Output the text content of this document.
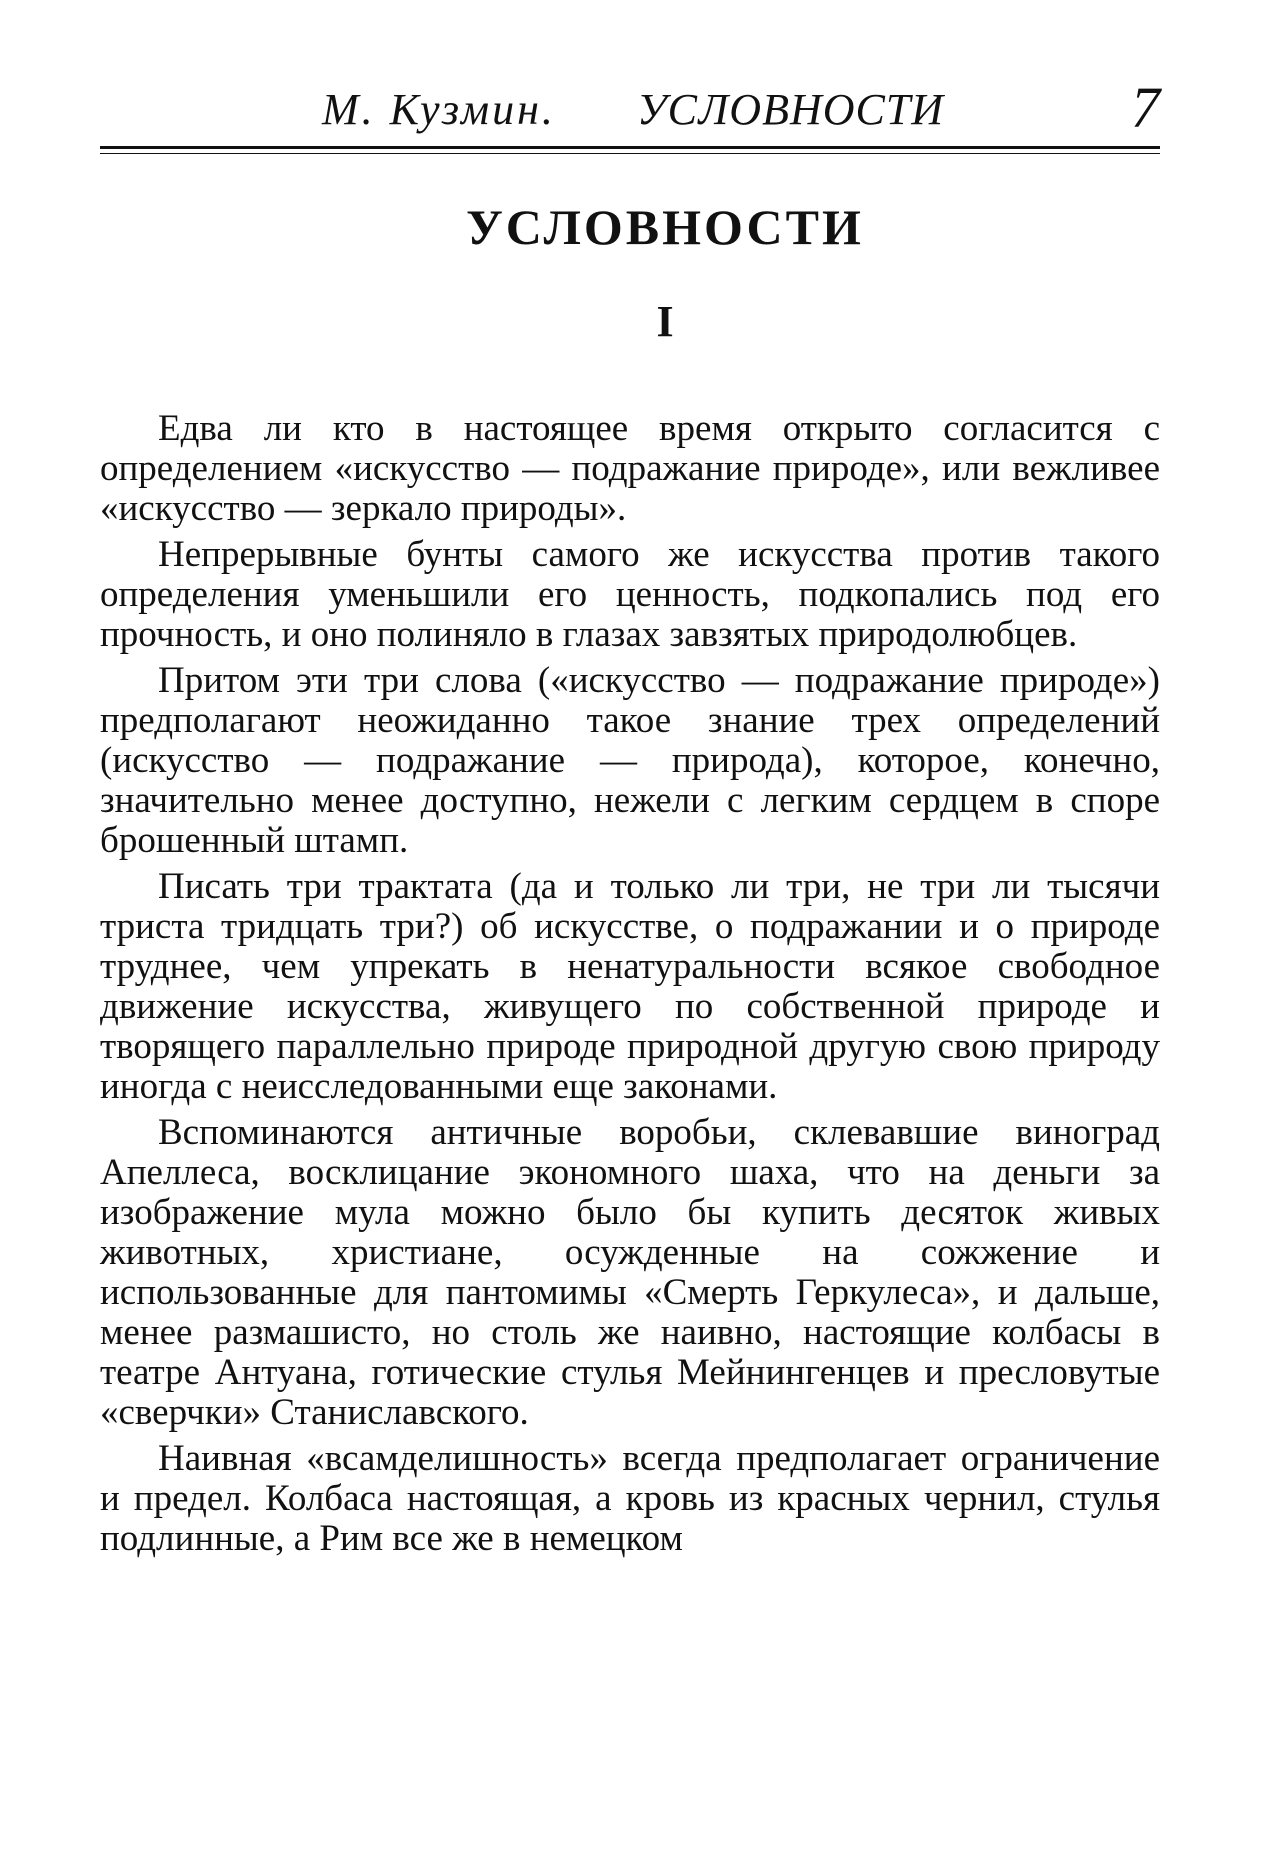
М. Кузмин. УСЛОВНОСТИ	7
УСЛОВНОСТИ
I

Едва ли кто в настоящее время открыто согласится с определением «искусство — подражание природе», или вежливее «искусство — зеркало природы».

Непрерывные бунты самого же искусства против такого определения уменьшили его ценность, подкопались под его прочность, и оно полиняло в глазах завзятых природолюбцев.

Притом эти три слова («искусство — подражание природе») предполагают неожиданно такое знание трех определений (искусство — подражание — природа), которое, конечно, значительно менее доступно, нежели с легким сердцем в споре брошенный штамп.

Писать три трактата (да и только ли три, не три ли тысячи триста тридцать три?) об искусстве, о подражании и о природе труднее, чем упрекать в ненатуральности всякое свободное движение искусства, живущего по собственной природе и творящего параллельно природе природной другую свою природу иногда с неисследованными еще законами.

Вспоминаются античные воробьи, склевавшие виноград Апеллеса, восклицание экономного шаха, что на деньги за изображение мула можно было бы купить десяток живых животных, христиане, осужденные на сожжение и использованные для пантомимы «Смерть Геркулеса», и дальше, менее размашисто, но столь же наивно, настоящие колбасы в театре Антуана, готические стулья Мейнингенцев и пресловутые «сверчки» Станиславского.

Наивная «всамделишность» всегда предполагает ограничение и предел. Колбаса настоящая, а кровь из красных чернил, стулья подлинные, а Рим все же в немецком
